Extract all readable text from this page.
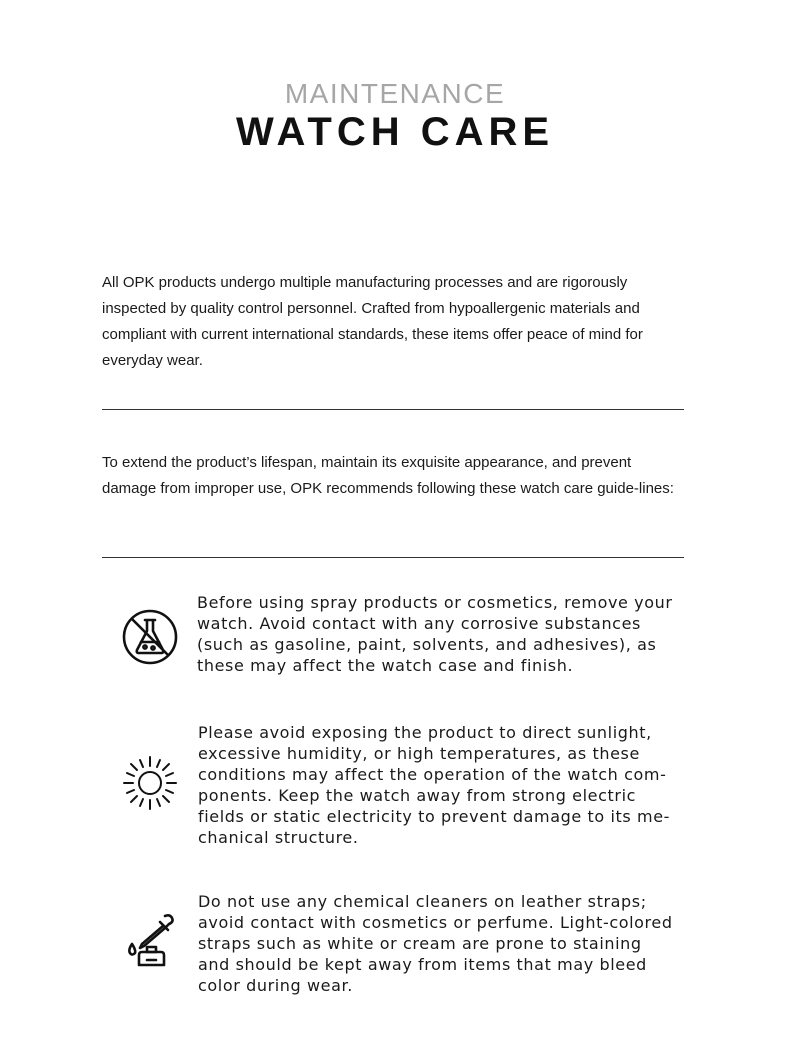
MAINTENANCE
WATCH CARE
All OPK products undergo multiple manufacturing processes and are rigorously inspected by quality control personnel. Crafted from hypoallergenic materials and compliant with current international standards, these items offer peace of mind for everyday wear.
To extend the product’s lifespan, maintain its exquisite appearance, and prevent damage from improper use, OPK recommends following these watch care guide-lines:
Before using spray products or cosmetics, remove your watch. Avoid contact with any corrosive substances (such as gasoline, paint, solvents, and adhesives), as these may affect the watch case and finish.
Please avoid exposing the product to direct sunlight, excessive humidity, or high temperatures, as these conditions may affect the operation of the watch com-ponents. Keep the watch away from strong electric fields or static electricity to prevent damage to its me-chanical structure.
Do not use any chemical cleaners on leather straps; avoid contact with cosmetics or perfume. Light-colored straps such as white or cream are prone to staining and should be kept away from items that may bleed color during wear.
